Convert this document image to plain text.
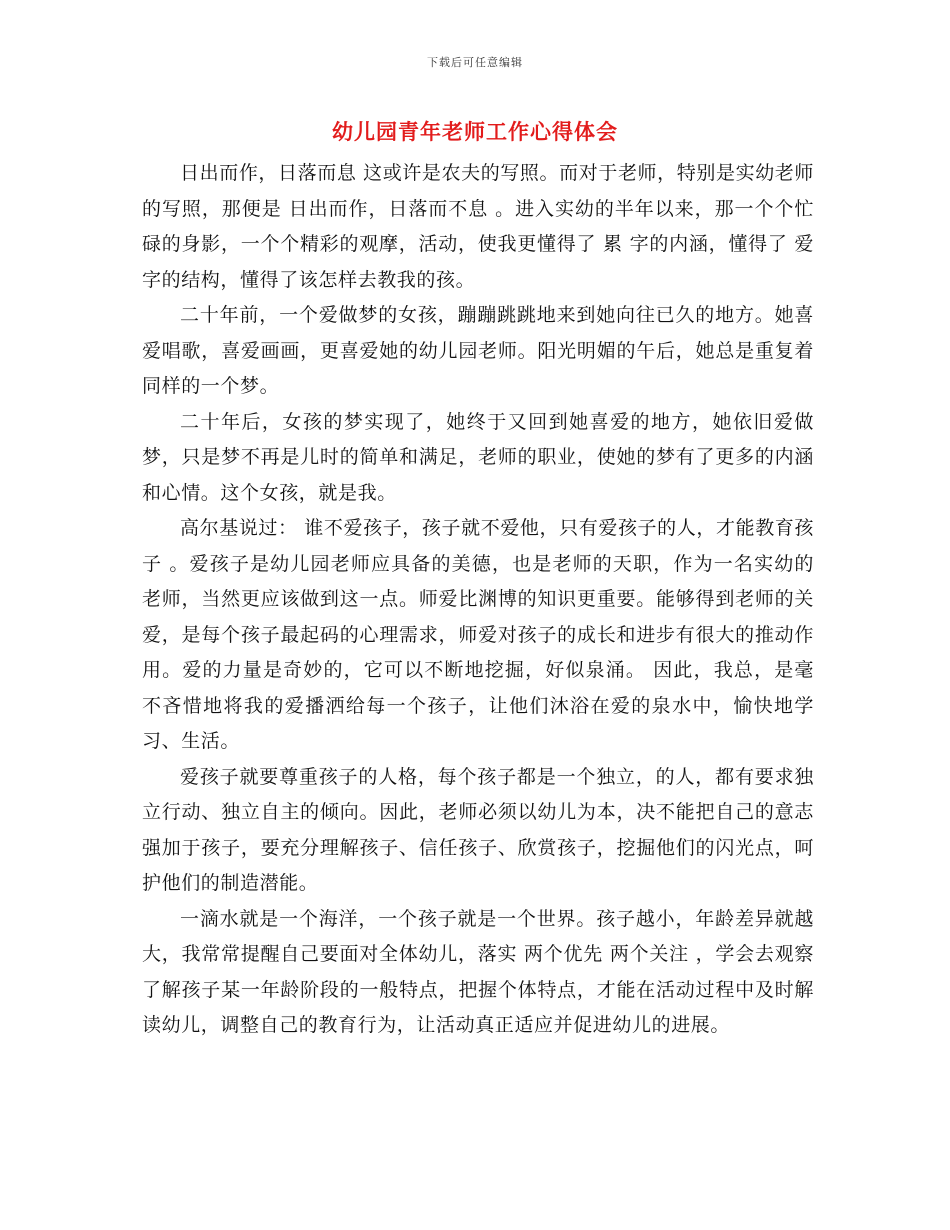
下载后可任意编辑
幼儿园青年老师工作心得体会

日出而作，日落而息 这或许是农夫的写照。而对于老师，特别是实幼老师的写照，那便是 日出而作，日落而不息 。进入实幼的半年以来，那一个个忙碌的身影，一个个精彩的观摩，活动，使我更懂得了 累 字的内涵，懂得了 爱 字的结构，懂得了该怎样去教我的孩。

二十年前，一个爱做梦的女孩，蹦蹦跳跳地来到她向往已久的地方。她喜爱唱歌，喜爱画画，更喜爱她的幼儿园老师。阳光明媚的午后，她总是重复着同样的一个梦。

二十年后，女孩的梦实现了，她终于又回到她喜爱的地方，她依旧爱做梦，只是梦不再是儿时的简单和满足，老师的职业，使她的梦有了更多的内涵和心情。这个女孩，就是我。

高尔基说过： 谁不爱孩子，孩子就不爱他，只有爱孩子的人，才能教育孩子 。爱孩子是幼儿园老师应具备的美德，也是老师的天职，作为一名实幼的老师，当然更应该做到这一点。师爱比渊博的知识更重要。能够得到老师的关爱，是每个孩子最起码的心理需求，师爱对孩子的成长和进步有很大的推动作用。爱的力量是奇妙的，它可以不断地挖掘，好似泉涌。 因此，我总，是毫不吝惜地将我的爱播洒给每一个孩子，让他们沐浴在爱的泉水中，愉快地学习、生活。

爱孩子就要尊重孩子的人格，每个孩子都是一个独立，的人，都有要求独立行动、独立自主的倾向。因此，老师必须以幼儿为本，决不能把自己的意志强加于孩子，要充分理解孩子、信任孩子、欣赏孩子，挖掘他们的闪光点，呵护他们的制造潜能。

一滴水就是一个海洋，一个孩子就是一个世界。孩子越小，年龄差异就越大，我常常提醒自己要面对全体幼儿，落实 两个优先 两个关注 ，学会去观察了解孩子某一年龄阶段的一般特点，把握个体特点，才能在活动过程中及时解读幼儿，调整自己的教育行为，让活动真正适应并促进幼儿的进展。
